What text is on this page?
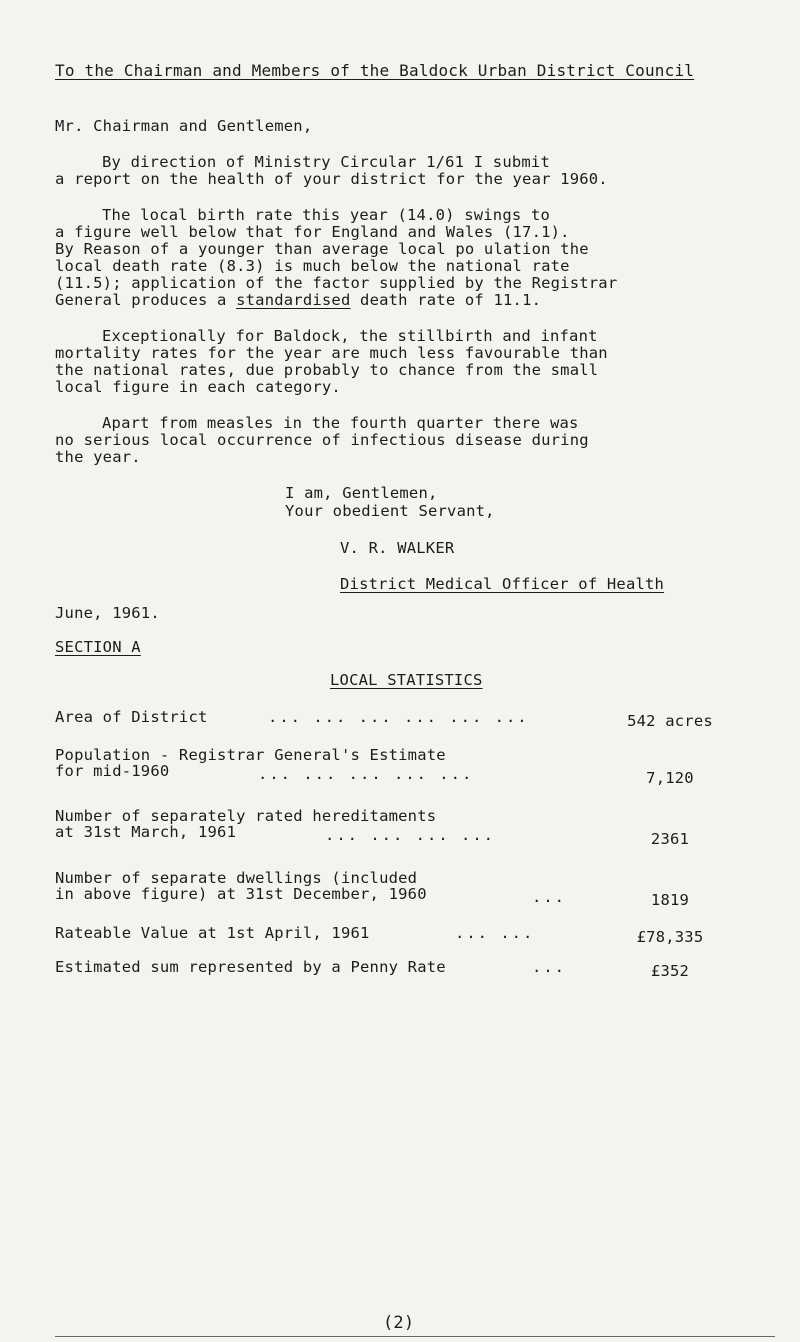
To the Chairman and Members of the Baldock Urban District Council
Mr. Chairman and Gentlemen,
By direction of Ministry Circular 1/61 I submit
a report on the health of your district for the year 1960.
The local birth rate this year (14.0) swings to
a figure well below that for England and Wales (17.1).
By Reason of a younger than average local po ulation the
local death rate (8.3) is much below the national rate
(11.5); application of the factor supplied by the Registrar
General produces a standardised death rate of 11.1.
Exceptionally for Baldock, the stillbirth and infant
mortality rates for the year are much less favourable than
the national rates, due probably to chance from the small
local figure in each category.
Apart from measles in the fourth quarter there was
no serious local occurrence of infectious disease during
the year.
I am, Gentlemen,
Your obedient Servant,
V. R. WALKER
District Medical Officer of Health
June, 1961.
SECTION A
LOCAL STATISTICS
Area of District	... ... ... ... ... ...	542 acres
Population - Registrar General's Estimate
for mid-1960	... ... ... ... ...	7,120
Number of separately rated hereditaments
at 31st March, 1961	... ... ... ...	2361
Number of separate dwellings (included
in above figure) at 31st December, 1960	...	1819
Rateable Value at 1st April, 1961	... ...	£78,335
Estimated sum represented by a Penny Rate	...	£352
(2)
